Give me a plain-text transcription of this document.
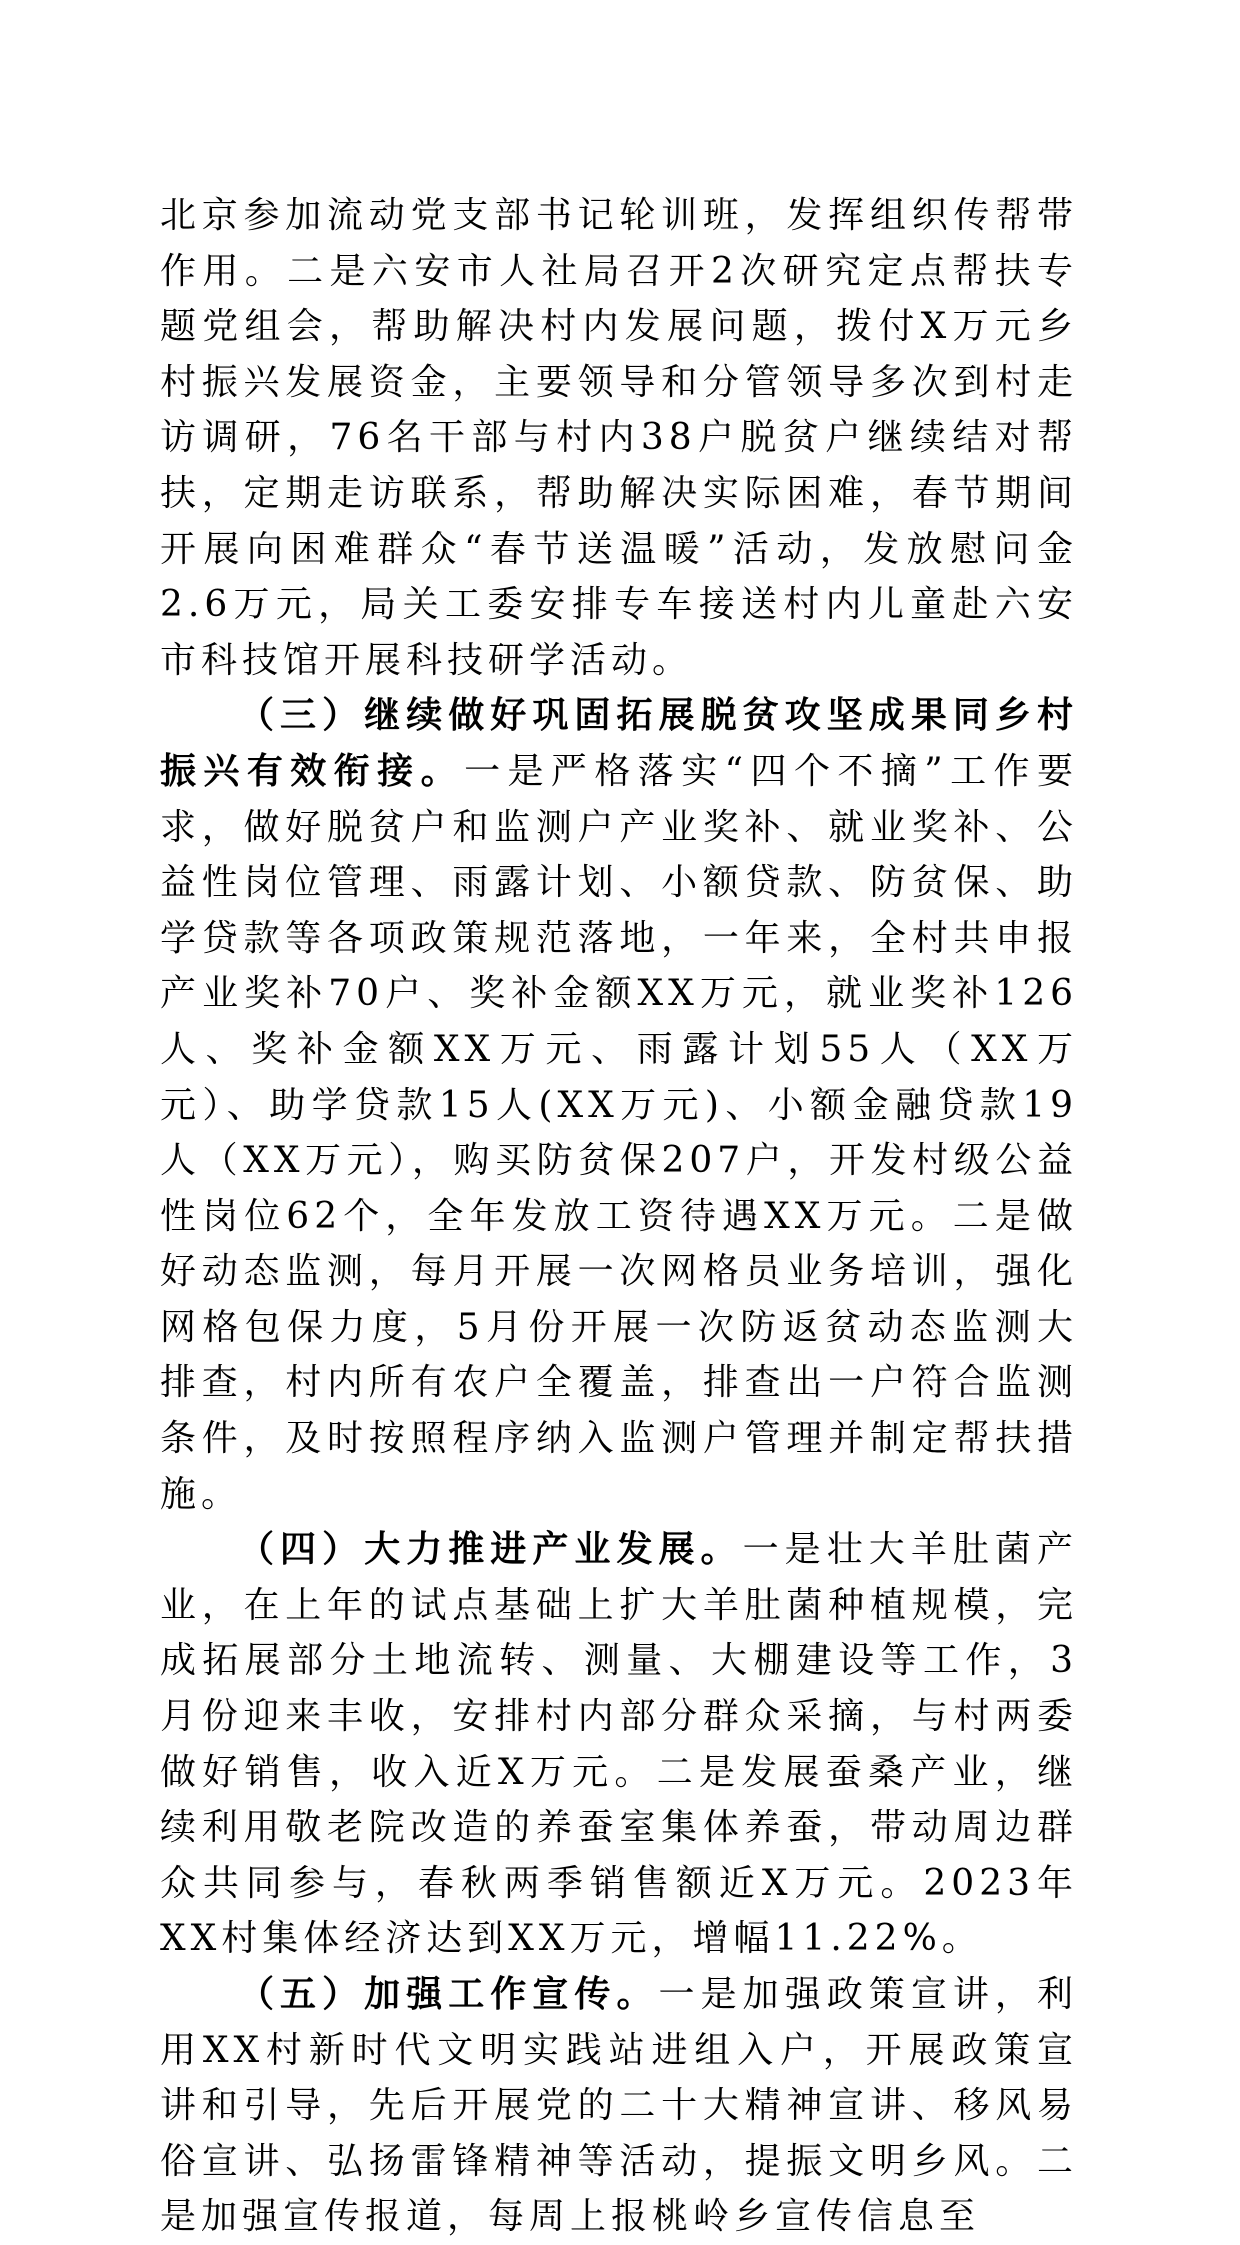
北京参加流动党支部书记轮训班，发挥组织传帮带作用。二是六安市人社局召开2次研究定点帮扶专题党组会，帮助解决村内发展问题，拨付X万元乡村振兴发展资金，主要领导和分管领导多次到村走访调研，76名干部与村内38户脱贫户继续结对帮扶，定期走访联系，帮助解决实际困难，春节期间开展向困难群众“春节送温暖”活动，发放慰问金2.6万元，局关工委安排专车接送村内儿童赴六安市科技馆开展科技研学活动。

（三）继续做好巩固拓展脱贫攻坚成果同乡村振兴有效衔接。一是严格落实“四个不摘”工作要求，做好脱贫户和监测户产业奖补、就业奖补、公益性岗位管理、雨露计划、小额贷款、防贫保、助学贷款等各项政策规范落地，一年来，全村共申报产业奖补70户、奖补金额XX万元，就业奖补126人、奖补金额XX万元、雨露计划55人（XX万元）、助学贷款15人(XX万元)、小额金融贷款19人（XX万元），购买防贫保207户，开发村级公益性岗位62个，全年发放工资待遇XX万元。二是做好动态监测，每月开展一次网格员业务培训，强化网格包保力度，5月份开展一次防返贫动态监测大排查，村内所有农户全覆盖，排查出一户符合监测条件，及时按照程序纳入监测户管理并制定帮扶措施。

（四）大力推进产业发展。一是壮大羊肚菌产业，在上年的试点基础上扩大羊肚菌种植规模，完成拓展部分土地流转、测量、大棚建设等工作，3月份迎来丰收，安排村内部分群众采摘，与村两委做好销售，收入近X万元。二是发展蚕桑产业，继续利用敬老院改造的养蚕室集体养蚕，带动周边群众共同参与，春秋两季销售额近X万元。2023年XX村集体经济达到XX万元，增幅11.22%。

（五）加强工作宣传。一是加强政策宣讲，利用XX村新时代文明实践站进组入户，开展政策宣讲和引导，先后开展党的二十大精神宣讲、移风易俗宣讲、弘扬雷锋精神等活动，提振文明乡风。二是加强宣传报道，每周上报桃岭乡宣传信息至
